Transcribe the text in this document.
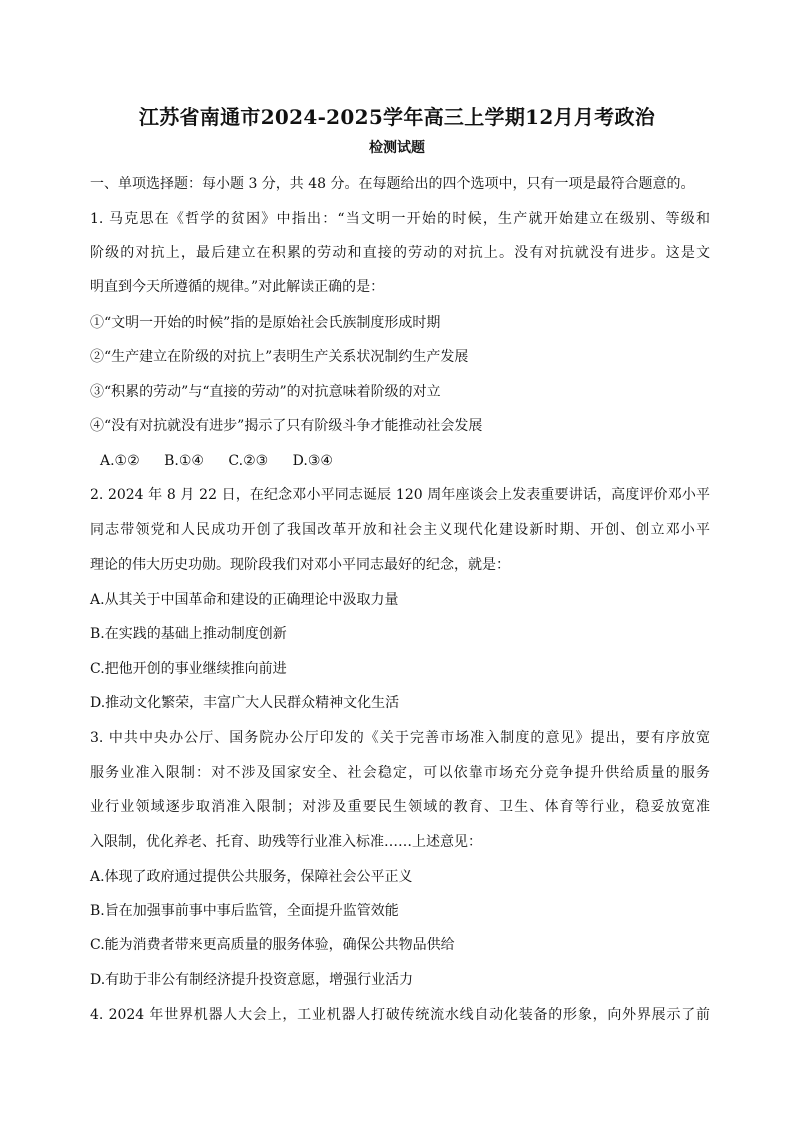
江苏省南通市2024-2025学年高三上学期12月月考政治
检测试题
一、单项选择题：每小题 3 分，共 48 分。在每题给出的四个选项中，只有一项是最符合题意的。
1. 马克思在《哲学的贫困》中指出：“当文明一开始的时候，生产就开始建立在级别、等级和
阶级的对抗上，最后建立在积累的劳动和直接的劳动的对抗上。没有对抗就没有进步。这是文
明直到今天所遵循的规律。”对此解读正确的是：
①“文明一开始的时候”指的是原始社会氏族制度形成时期
②“生产建立在阶级的对抗上”表明生产关系状况制约生产发展
③“积累的劳动”与“直接的劳动”的对抗意味着阶级的对立
④“没有对抗就没有进步”揭示了只有阶级斗争才能推动社会发展
A.①② B.①④ C.②③ D.③④
2. 2024 年 8 月 22 日，在纪念邓小平同志诞辰 120 周年座谈会上发表重要讲话，高度评价邓小平
同志带领党和人民成功开创了我国改革开放和社会主义现代化建设新时期、开创、创立邓小平
理论的伟大历史功勋。现阶段我们对邓小平同志最好的纪念，就是：
A.从其关于中国革命和建设的正确理论中汲取力量
B.在实践的基础上推动制度创新
C.把他开创的事业继续推向前进
D.推动文化繁荣，丰富广大人民群众精神文化生活
3. 中共中央办公厅、国务院办公厅印发的《关于完善市场准入制度的意见》提出，要有序放宽
服务业准入限制：对不涉及国家安全、社会稳定，可以依靠市场充分竞争提升供给质量的服务
业行业领域逐步取消准入限制；对涉及重要民生领域的教育、卫生、体育等行业，稳妥放宽准
入限制，优化养老、托育、助残等行业准入标准……上述意见：
A.体现了政府通过提供公共服务，保障社会公平正义
B.旨在加强事前事中事后监管，全面提升监管效能
C.能为消费者带来更高质量的服务体验，确保公共物品供给
D.有助于非公有制经济提升投资意愿，增强行业活力
4. 2024 年世界机器人大会上，工业机器人打破传统流水线自动化装备的形象，向外界展示了前
